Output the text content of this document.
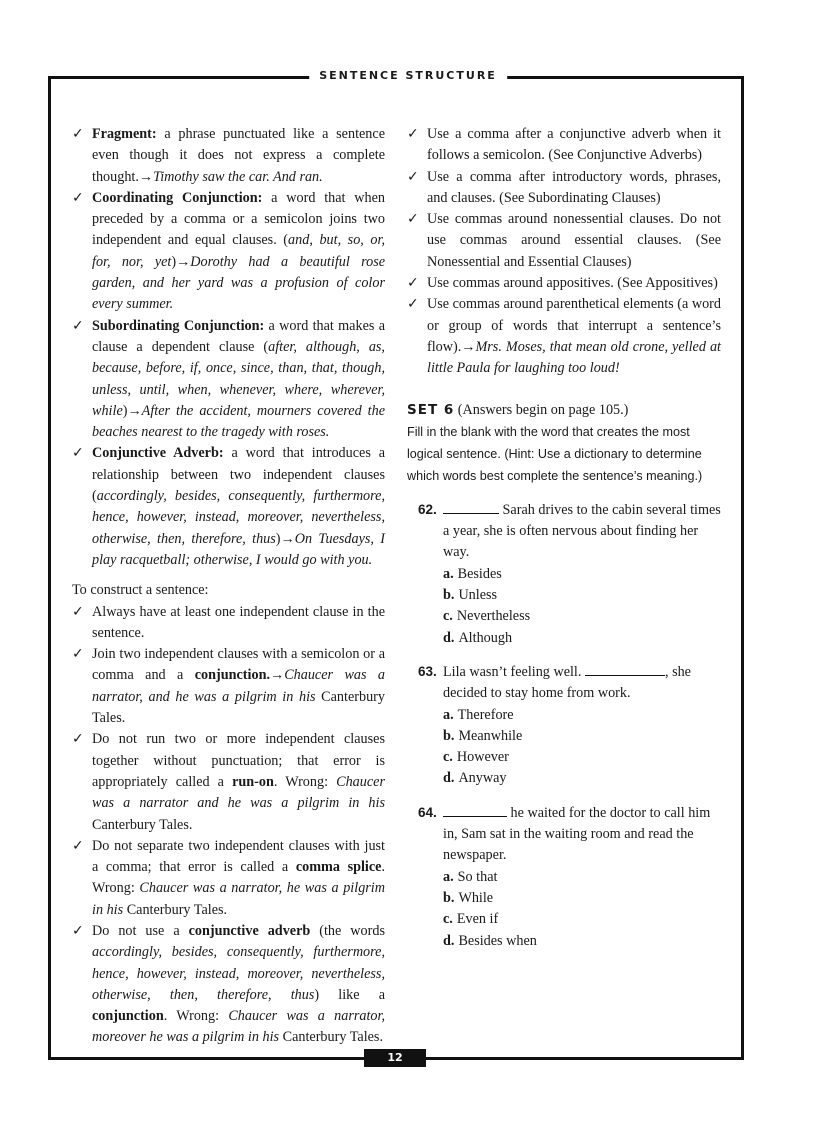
SENTENCE STRUCTURE
12
✓ Fragment: a phrase punctuated like a sentence even though it does not express a complete thought.→Timothy saw the car. And ran.
✓ Coordinating Conjunction: a word that when preceded by a comma or a semicolon joins two independent and equal clauses. (and, but, so, or, for, nor, yet)→Dorothy had a beautiful rose garden, and her yard was a profusion of color every summer.
✓ Subordinating Conjunction: a word that makes a clause a dependent clause (after, although, as, because, before, if, once, since, than, that, though, unless, until, when, whenever, where, wherever, while)→After the accident, mourners covered the beaches nearest to the tragedy with roses.
✓ Conjunctive Adverb: a word that introduces a relationship between two independent clauses (accordingly, besides, consequently, furthermore, hence, however, instead, moreover, nevertheless, otherwise, then, therefore, thus)→On Tuesdays, I play racquetball; otherwise, I would go with you.
To construct a sentence:
✓ Always have at least one independent clause in the sentence.
✓ Join two independent clauses with a semicolon or a comma and a conjunction.→Chaucer was a narrator, and he was a pilgrim in his Canterbury Tales.
✓ Do not run two or more independent clauses together without punctuation; that error is appropriately called a run-on. Wrong: Chaucer was a narrator and he was a pilgrim in his Canterbury Tales.
✓ Do not separate two independent clauses with just a comma; that error is called a comma splice. Wrong: Chaucer was a narrator, he was a pilgrim in his Canterbury Tales.
✓ Do not use a conjunctive adverb (the words accordingly, besides, consequently, furthermore, hence, however, instead, moreover, nevertheless, otherwise, then, therefore, thus) like a conjunction. Wrong: Chaucer was a narrator, moreover he was a pilgrim in his Canterbury Tales.
✓ Use a comma after a conjunctive adverb when it follows a semicolon. (See Conjunctive Adverbs)
✓ Use a comma after introductory words, phrases, and clauses. (See Subordinating Clauses)
✓ Use commas around nonessential clauses. Do not use commas around essential clauses. (See Nonessential and Essential Clauses)
✓ Use commas around appositives. (See Appositives)
✓ Use commas around parenthetical elements (a word or group of words that interrupt a sentence’s flow).→Mrs. Moses, that mean old crone, yelled at little Paula for laughing too loud!
SET 6 (Answers begin on page 105.)
Fill in the blank with the word that creates the most logical sentence. (Hint: Use a dictionary to determine which words best complete the sentence’s meaning.)
62.	Sarah drives to the cabin several times a year, she is often nervous about finding her way.
a. Besides
b. Unless
c. Nevertheless
d. Although
63. Lila wasn’t feeling well.	, she decided to stay home from work.
a. Therefore
b. Meanwhile
c. However
d. Anyway
64.	he waited for the doctor to call him in, Sam sat in the waiting room and read the newspaper.
a. So that
b. While
c. Even if
d. Besides when
